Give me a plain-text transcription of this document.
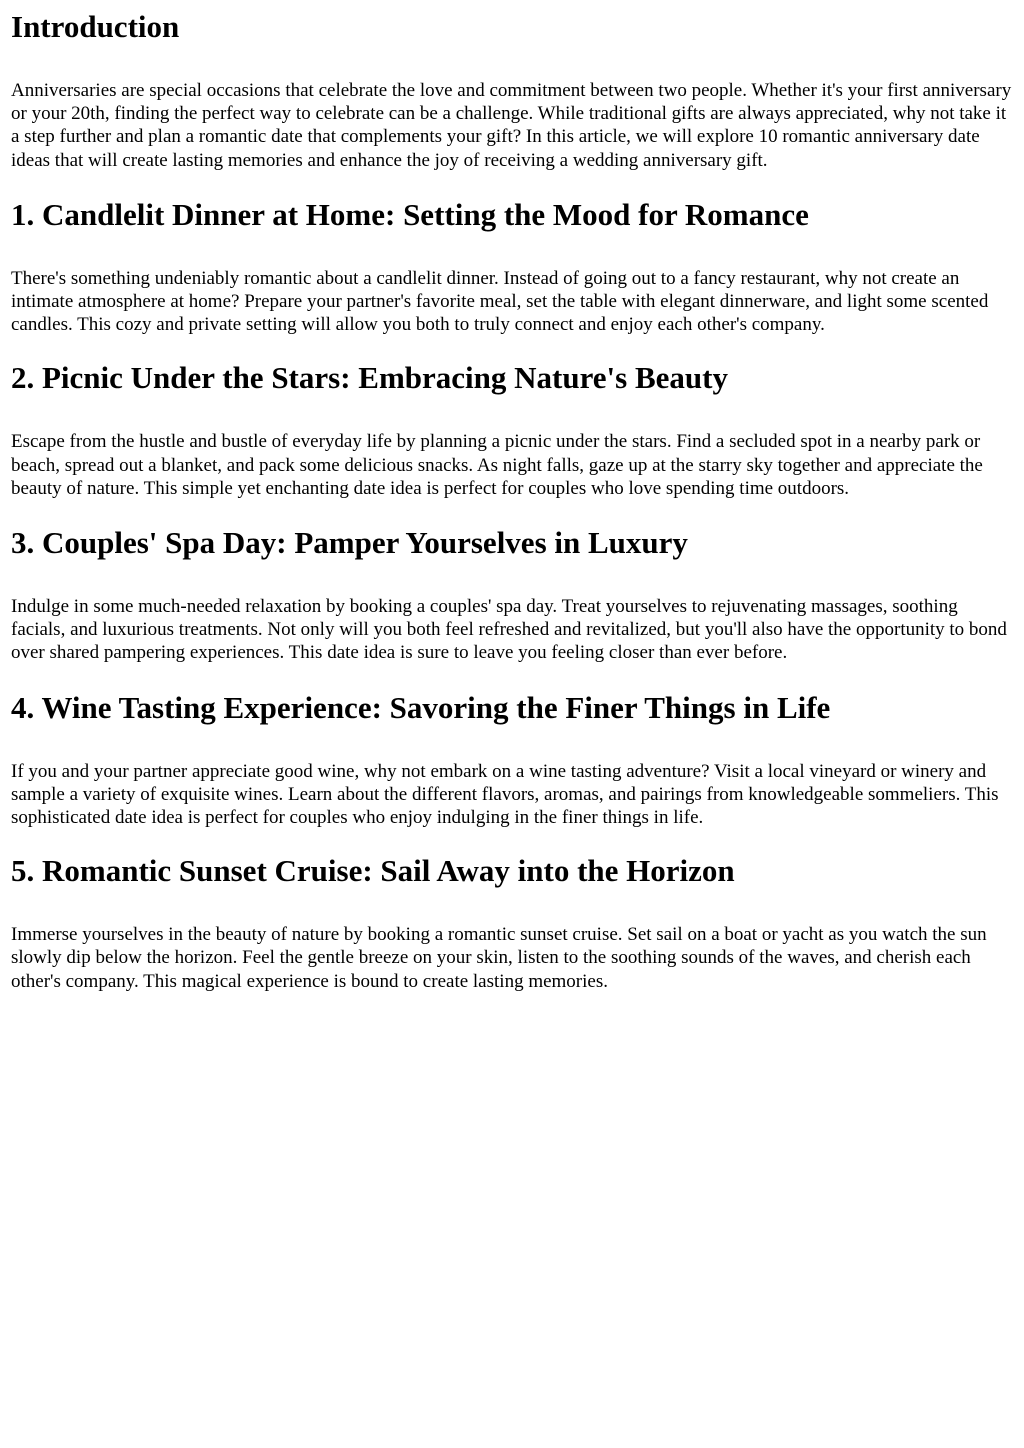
Introduction

Anniversaries are special occasions that celebrate the love and commitment between two people. Whether it's your first anniversary or your 20th, finding the perfect way to celebrate can be a challenge. While traditional gifts are always appreciated, why not take it a step further and plan a romantic date that complements your gift? In this article, we will explore 10 romantic anniversary date ideas that will create lasting memories and enhance the joy of receiving a wedding anniversary gift.

1. Candlelit Dinner at Home: Setting the Mood for Romance

There's something undeniably romantic about a candlelit dinner. Instead of going out to a fancy restaurant, why not create an intimate atmosphere at home? Prepare your partner's favorite meal, set the table with elegant dinnerware, and light some scented candles. This cozy and private setting will allow you both to truly connect and enjoy each other's company.

2. Picnic Under the Stars: Embracing Nature's Beauty

Escape from the hustle and bustle of everyday life by planning a picnic under the stars. Find a secluded spot in a nearby park or beach, spread out a blanket, and pack some delicious snacks. As night falls, gaze up at the starry sky together and appreciate the beauty of nature. This simple yet enchanting date idea is perfect for couples who love spending time outdoors.

3. Couples' Spa Day: Pamper Yourselves in Luxury

Indulge in some much-needed relaxation by booking a couples' spa day. Treat yourselves to rejuvenating massages, soothing facials, and luxurious treatments. Not only will you both feel refreshed and revitalized, but you'll also have the opportunity to bond over shared pampering experiences. This date idea is sure to leave you feeling closer than ever before.

4. Wine Tasting Experience: Savoring the Finer Things in Life

If you and your partner appreciate good wine, why not embark on a wine tasting adventure? Visit a local vineyard or winery and sample a variety of exquisite wines. Learn about the different flavors, aromas, and pairings from knowledgeable sommeliers. This sophisticated date idea is perfect for couples who enjoy indulging in the finer things in life.

5. Romantic Sunset Cruise: Sail Away into the Horizon

Immerse yourselves in the beauty of nature by booking a romantic sunset cruise. Set sail on a boat or yacht as you watch the sun slowly dip below the horizon. Feel the gentle breeze on your skin, listen to the soothing sounds of the waves, and cherish each other's company. This magical experience is bound to create lasting memories.
